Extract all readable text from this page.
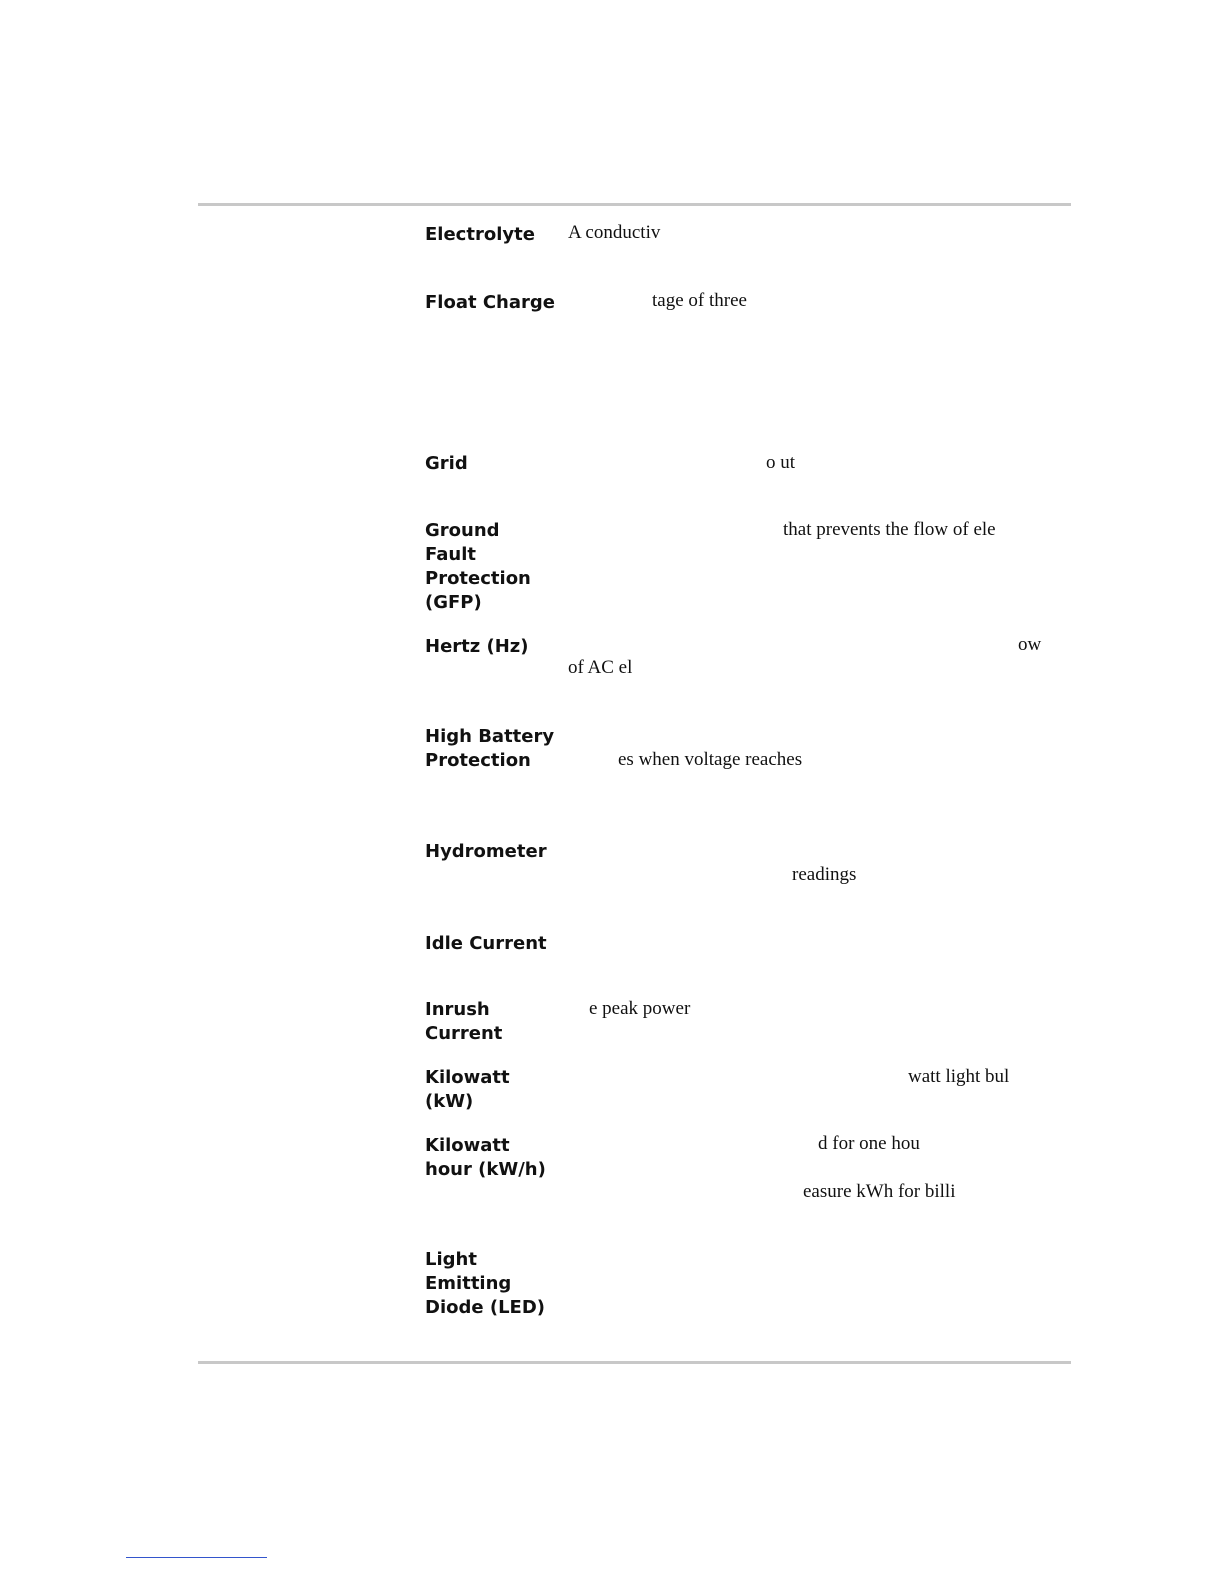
Electrolyte
Float Charge
Grid
Ground
Fault
Protection
(GFP)
Hertz (Hz)
High Battery
Protection
Hydrometer
Idle Current
Inrush
Current
Kilowatt
(kW)
Kilowatt
hour (kW/h)
Light
Emitting
Diode (LED)
A conductiv
tage of three
o ut
that prevents the flow of ele
ow
of AC el
es when voltage reaches
readings
e peak power
watt light bul
d for one hou
easure kWh for billi
